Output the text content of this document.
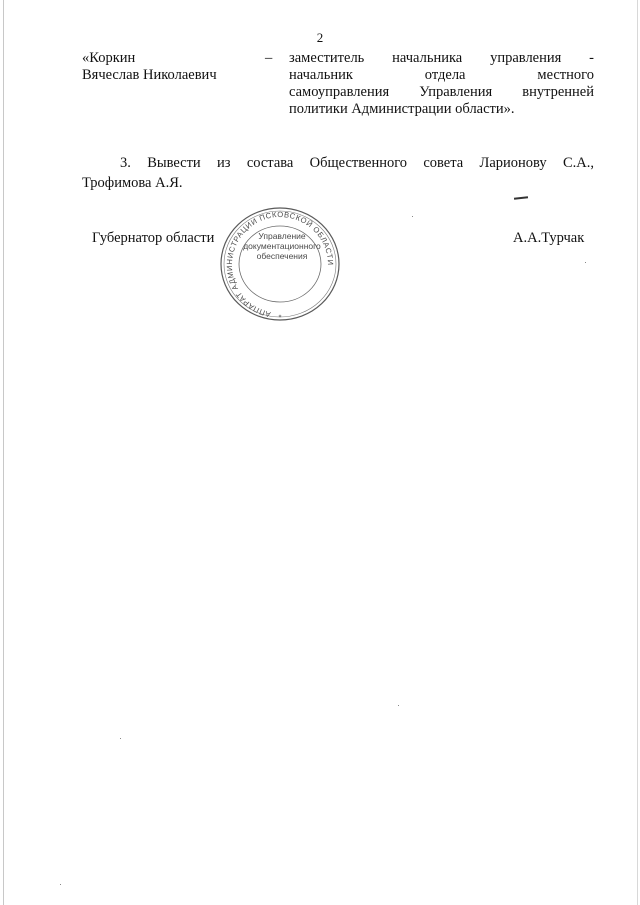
2
«Коркин
Вячеслав Николаевич
– заместитель начальника управления -
начальник отдела местного
самоуправления Управления внутренней
политики Администрации области».
3. Вывести из состава Общественного совета Ларионову С.А.,
Трофимова А.Я.
Губернатор области	А.А.Турчак
АППАРАТ АДМИНИСТРАЦИИ ПСКОВСКОЙ ОБЛАСТИ
*
Управление
документационного
обеспечения
